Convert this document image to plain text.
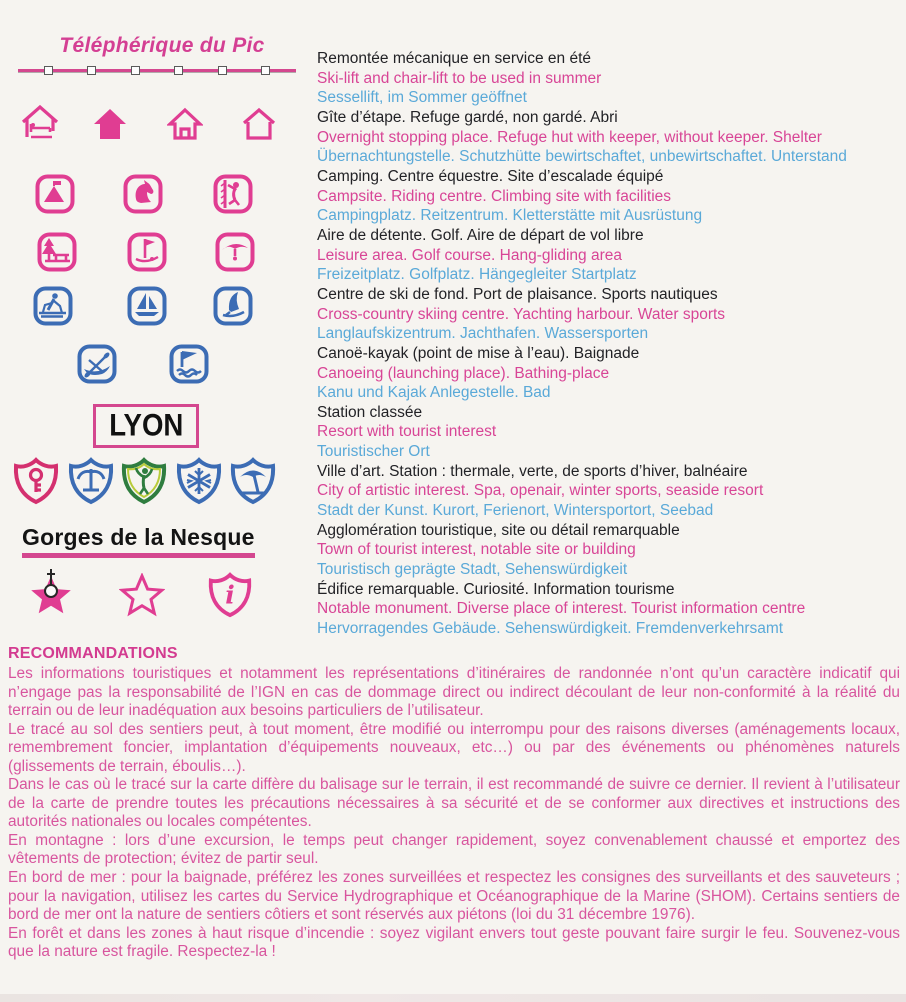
Téléphérique du Pic
LYON
Gorges de la Nesque
i
Remontée mécanique en service en été
Ski-lift and chair-lift to be used in summer
Sessellift, im Sommer geöffnet
Gîte d’étape. Refuge gardé, non gardé. Abri
Overnight stopping place. Refuge hut with keeper, without keeper. Shelter
Übernachtungstelle. Schutzhütte bewirtschaftet, unbewirtschaftet. Unterstand
Camping. Centre équestre. Site d’escalade équipé
Campsite. Riding centre. Climbing site with facilities
Campingplatz. Reitzentrum. Kletterstätte mit Ausrüstung
Aire de détente. Golf. Aire de départ de vol libre
Leisure area. Golf course. Hang-gliding area
Freizeitplatz. Golfplatz. Hängegleiter Startplatz
Centre de ski de fond. Port de plaisance. Sports nautiques
Cross-country skiing centre. Yachting harbour. Water sports
Langlaufskizentrum. Jachthafen. Wassersporten
Canoë-kayak (point de mise à l’eau). Baignade
Canoeing (launching place). Bathing-place
Kanu und Kajak Anlegestelle. Bad
Station classée
Resort with tourist interest
Touristischer Ort
Ville d’art. Station : thermale, verte, de sports d’hiver, balnéaire
City of artistic interest. Spa, openair, winter sports, seaside resort
Stadt der Kunst. Kurort, Ferienort, Wintersportort, Seebad
Agglomération touristique, site ou détail remarquable
Town of tourist interest, notable site or building
Touristisch geprägte Stadt, Sehenswürdigkeit
Édifice remarquable. Curiosité. Information tourisme
Notable monument. Diverse place of interest. Tourist information centre
Hervorragendes Gebäude. Sehenswürdigkeit. Fremdenverkehrsamt
RECOMMANDATIONS

Les informations touristiques et notamment les représentations d’itinéraires de randonnée n’ont qu’un caractère indicatif qui n’engage pas la responsabilité de l’IGN en cas de dommage direct ou indirect découlant de leur non-conformité à la réalité du terrain ou de leur inadéquation aux besoins particuliers de l’utilisateur.

Le tracé au sol des sentiers peut, à tout moment, être modifié ou interrompu pour des raisons diverses (aménagements locaux, remembrement foncier, implantation d’équipements nouveaux, etc…) ou par des événements ou phénomènes naturels (glissements de terrain, éboulis…).

Dans le cas où le tracé sur la carte diffère du balisage sur le terrain, il est recommandé de suivre ce dernier. Il revient à l’utilisateur de la carte de prendre toutes les précautions nécessaires à sa sécurité et de se conformer aux directives et instructions des autorités nationales ou locales compétentes.

En montagne : lors d’une excursion, le temps peut changer rapidement, soyez convenablement chaussé et emportez des vêtements de protection; évitez de partir seul.

En bord de mer : pour la baignade, préférez les zones surveillées et respectez les consignes des surveillants et des sauveteurs ; pour la navigation, utilisez les cartes du Service Hydrographique et Océanographique de la Marine (SHOM). Certains sentiers de bord de mer ont la nature de sentiers côtiers et sont réservés aux piétons (loi du 31 décembre 1976).

En forêt et dans les zones à haut risque d’incendie : soyez vigilant envers tout geste pouvant faire surgir le feu. Souvenez-vous que la nature est fragile. Respectez-la !
